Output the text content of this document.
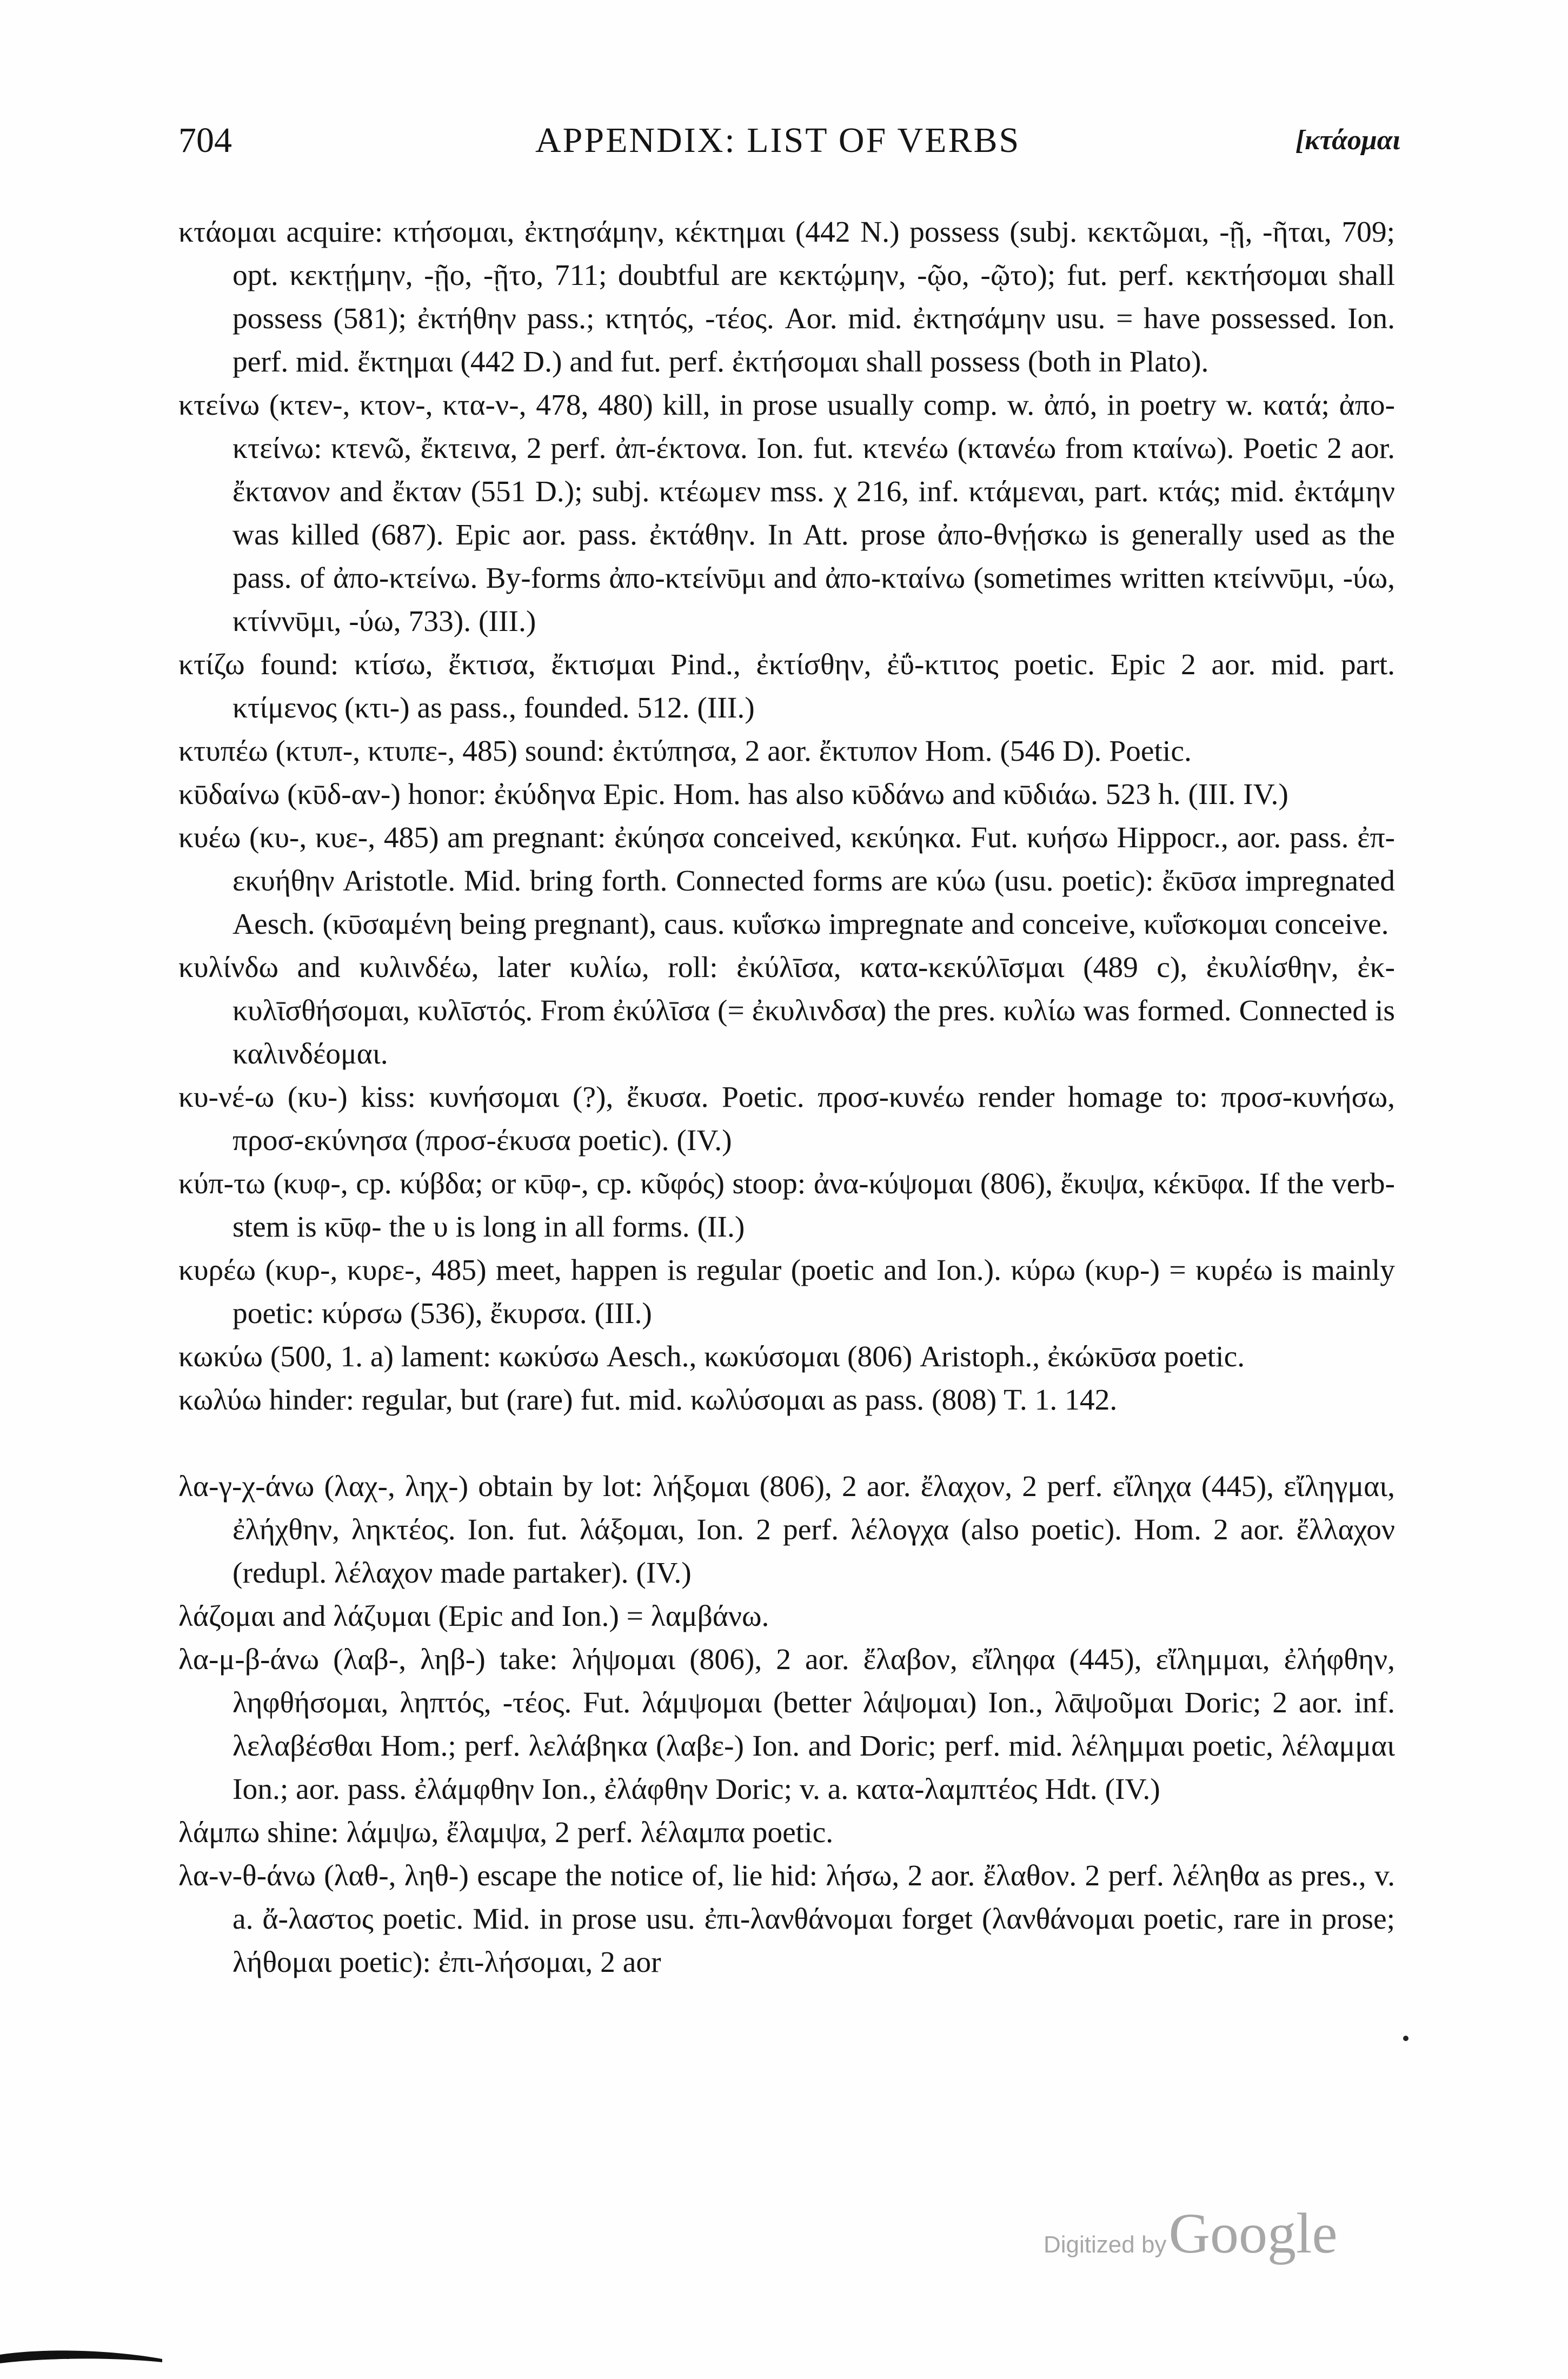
704	APPENDIX: LIST OF VERBS	[κτάομαι

κτάομαι acquire: κτήσομαι, ἐκτησάμην, κέκτημαι (442 N.) possess (subj. κεκτῶμαι, -ῇ, -ῆται, 709; opt. κεκτῄμην, -ῇο, -ῇτο, 711; doubtful are κεκτῴμην, -ῷο, -ῷτο); fut. perf. κεκτήσομαι shall possess (581); ἐκτήθην pass.; κτητός, -τέος. Aor. mid. ἐκτησάμην usu. = have possessed. Ion. perf. mid. ἔκτημαι (442 D.) and fut. perf. ἐκτήσομαι shall possess (both in Plato).

κτείνω (κτεν-, κτον-, κτα-ν-, 478, 480) kill, in prose usually comp. w. ἀπό, in poetry w. κατά; ἀπο-κτείνω: κτενῶ, ἔκτεινα, 2 perf. ἀπ-έκτονα. Ion. fut. κτενέω (κτανέω from κταίνω). Poetic 2 aor. ἔκτανον and ἔκταν (551 D.); subj. κτέωμεν mss. χ 216, inf. κτάμεναι, part. κτάς; mid. ἐκτάμην was killed (687). Epic aor. pass. ἐκτάθην. In Att. prose ἀπο-θνῄσκω is generally used as the pass. of ἀπο-κτείνω. By-forms ἀπο-κτείνῡμι and ἀπο-κταίνω (sometimes written κτείννῡμι, -ύω, κτίννῡμι, -ύω, 733). (III.)

κτίζω found: κτίσω, ἔκτισα, ἔκτισμαι Pind., ἐκτίσθην, ἐΰ-κτιτος poetic. Epic 2 aor. mid. part. κτίμενος (κτι-) as pass., founded. 512. (III.)

κτυπέω (κτυπ-, κτυπε-, 485) sound: ἐκτύπησα, 2 aor. ἔκτυπον Hom. (546 D). Poetic.

κῡδαίνω (κῡδ-αν-) honor: ἐκύδηνα Epic. Hom. has also κῡδάνω and κῡδιάω. 523 h. (III. IV.)

κυέω (κυ-, κυε-, 485) am pregnant: ἐκύησα conceived, κεκύηκα. Fut. κυήσω Hippocr., aor. pass. ἐπ-εκυήθην Aristotle. Mid. bring forth. Connected forms are κύω (usu. poetic): ἔκῡσα impregnated Aesch. (κῡσαμένη being pregnant), caus. κυΐσκω impregnate and conceive, κυΐσκομαι conceive.

κυλίνδω and κυλινδέω, later κυλίω, roll: ἐκύλῑσα, κατα-κεκύλῑσμαι (489 c), ἐκυλίσθην, ἐκ-κυλῑσθήσομαι, κυλῑστός. From ἐκύλῑσα (= ἐκυλινδσα) the pres. κυλίω was formed. Connected is καλινδέομαι.

κυ-νέ-ω (κυ-) kiss: κυνήσομαι (?), ἔκυσα. Poetic. προσ-κυνέω render homage to: προσ-κυνήσω, προσ-εκύνησα (προσ-έκυσα poetic). (IV.)

κύπ-τω (κυφ-, cp. κύβδα; or κῡφ-, cp. κῦφός) stoop: ἀνα-κύψομαι (806), ἔκυψα, κέκῡφα. If the verb-stem is κῡφ- the υ is long in all forms. (II.)

κυρέω (κυρ-, κυρε-, 485) meet, happen is regular (poetic and Ion.). κύρω (κυρ-) = κυρέω is mainly poetic: κύρσω (536), ἔκυρσα. (III.)

κωκύω (500, 1. a) lament: κωκύσω Aesch., κωκύσομαι (806) Aristoph., ἐκώκῡσα poetic.

κωλύω hinder: regular, but (rare) fut. mid. κωλύσομαι as pass. (808) T. 1. 142.

λα-γ-χ-άνω (λαχ-, ληχ-) obtain by lot: λήξομαι (806), 2 aor. ἔλαχον, 2 perf. εἴληχα (445), εἴληγμαι, ἐλήχθην, ληκτέος. Ion. fut. λάξομαι, Ion. 2 perf. λέλογχα (also poetic). Hom. 2 aor. ἔλλαχον (redupl. λέλαχον made partaker). (IV.)

λάζομαι and λάζυμαι (Epic and Ion.) = λαμβάνω.

λα-μ-β-άνω (λαβ-, ληβ-) take: λήψομαι (806), 2 aor. ἔλαβον, εἴληφα (445), εἴλημμαι, ἐλήφθην, ληφθήσομαι, ληπτός, -τέος. Fut. λάμψομαι (better λάψομαι) Ion., λᾱψοῦμαι Doric; 2 aor. inf. λελαβέσθαι Hom.; perf. λελάβηκα (λαβε-) Ion. and Doric; perf. mid. λέλημμαι poetic, λέλαμμαι Ion.; aor. pass. ἐλάμφθην Ion., ἐλάφθην Doric; v. a. κατα-λαμπτέος Hdt. (IV.)

λάμπω shine: λάμψω, ἔλαμψα, 2 perf. λέλαμπα poetic.

λα-ν-θ-άνω (λαθ-, ληθ-) escape the notice of, lie hid: λήσω, 2 aor. ἔλαθον. 2 perf. λέληθα as pres., v. a. ἄ-λαστος poetic. Mid. in prose usu. ἐπι-λανθάνομαι forget (λανθάνομαι poetic, rare in prose; λήθομαι poetic): ἐπι-λήσομαι, 2 aor

Digitized by Google
